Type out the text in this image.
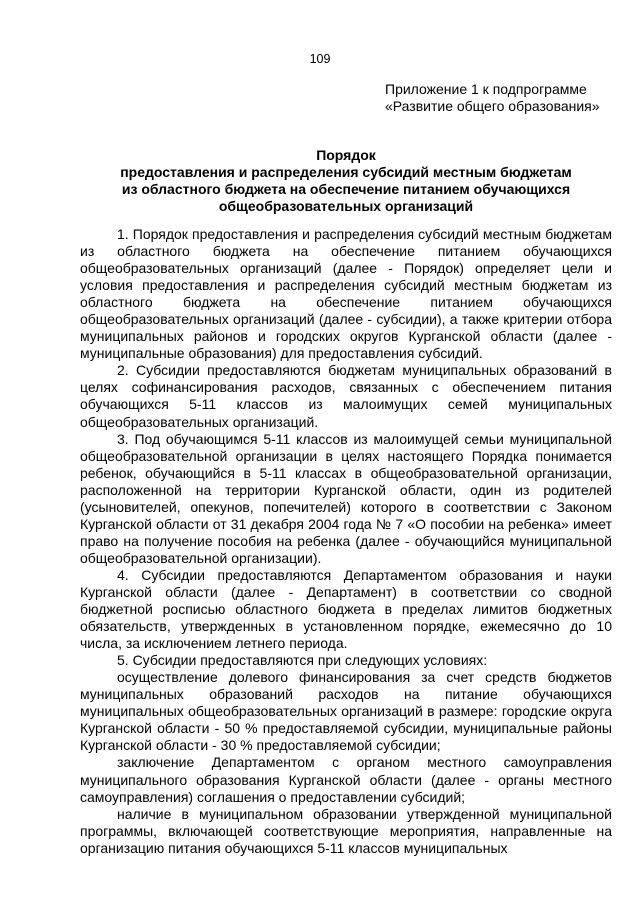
109
Приложение 1 к подпрограмме
«Развитие общего образования»
Порядок
предоставления и распределения субсидий местным бюджетам
из областного бюджета на обеспечение питанием обучающихся
общеобразовательных организаций

1. Порядок предоставления и распределения субсидий местным бюджетам из областного бюджета на обеспечение питанием обучающихся общеобразовательных организаций (далее - Порядок) определяет цели и условия предоставления и распределения субсидий местным бюджетам из областного бюджета на обеспечение питанием обучающихся общеобразовательных организаций (далее - субсидии), а также критерии отбора муниципальных районов и городских округов Курганской области (далее - муниципальные образования) для предоставления субсидий.

2. Субсидии предоставляются бюджетам муниципальных образований в целях софинансирования расходов, связанных с обеспечением питания обучающихся 5-11 классов из малоимущих семей муниципальных общеобразовательных организаций.

3. Под обучающимся 5-11 классов из малоимущей семьи муниципальной общеобразовательной организации в целях настоящего Порядка понимается ребенок, обучающийся в 5-11 классах в общеобразовательной организации, расположенной на территории Курганской области, один из родителей (усыновителей, опекунов, попечителей) которого в соответствии с Законом Курганской области от 31 декабря 2004 года № 7 «О пособии на ребенка» имеет право на получение пособия на ребенка (далее - обучающийся муниципальной общеобразовательной организации).

4. Субсидии предоставляются Департаментом образования и науки Курганской области (далее - Департамент) в соответствии со сводной бюджетной росписью областного бюджета в пределах лимитов бюджетных обязательств, утвержденных в установленном порядке, ежемесячно до 10 числа, за исключением летнего периода.

5. Субсидии предоставляются при следующих условиях:

осуществление долевого финансирования за счет средств бюджетов муниципальных образований расходов на питание обучающихся муниципальных общеобразовательных организаций в размере: городские округа Курганской области - 50 % предоставляемой субсидии, муниципальные районы Курганской области - 30 % предоставляемой субсидии;

заключение Департаментом с органом местного самоуправления муниципального образования Курганской области (далее - органы местного самоуправления) соглашения о предоставлении субсидий;

наличие в муниципальном образовании утвержденной муниципальной программы, включающей соответствующие мероприятия, направленные на организацию питания обучающихся 5-11 классов муниципальных
